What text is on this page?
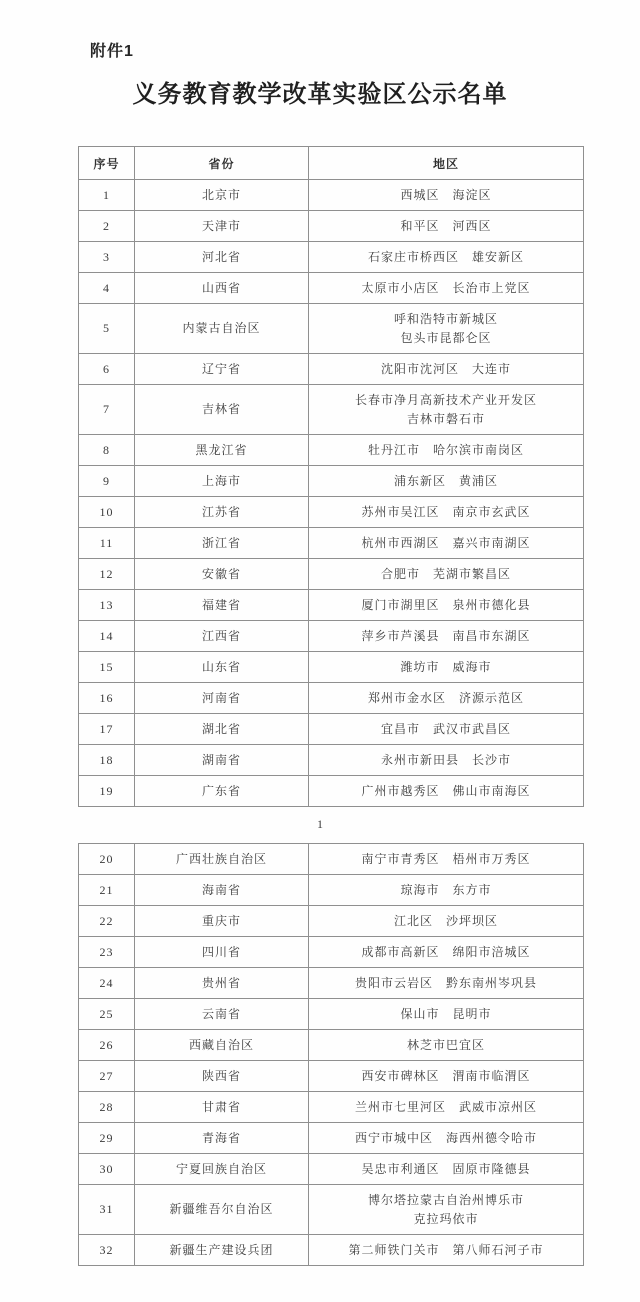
附件1
义务教育教学改革实验区公示名单
序号	省份	地区

1	北京市	西城区　海淀区

2	天津市	和平区　河西区

3	河北省	石家庄市桥西区　雄安新区

4	山西省	太原市小店区　长治市上党区

5	内蒙古自治区	呼和浩特市新城区
包头市昆都仑区

6	辽宁省	沈阳市沈河区　大连市

7	吉林省	长春市净月高新技术产业开发区
吉林市磐石市

8	黑龙江省	牡丹江市　哈尔滨市南岗区

9	上海市	浦东新区　黄浦区

10	江苏省	苏州市吴江区　南京市玄武区

11	浙江省	杭州市西湖区　嘉兴市南湖区

12	安徽省	合肥市　芜湖市繁昌区

13	福建省	厦门市湖里区　泉州市德化县

14	江西省	萍乡市芦溪县　南昌市东湖区

15	山东省	潍坊市　威海市

16	河南省	郑州市金水区　济源示范区

17	湖北省	宜昌市　武汉市武昌区

18	湖南省	永州市新田县　长沙市

19	广东省	广州市越秀区　佛山市南海区
1
20	广西壮族自治区	南宁市青秀区　梧州市万秀区

21	海南省	琼海市　东方市

22	重庆市	江北区　沙坪坝区

23	四川省	成都市高新区　绵阳市涪城区

24	贵州省	贵阳市云岩区　黔东南州岑巩县

25	云南省	保山市　昆明市

26	西藏自治区	林芝市巴宜区

27	陕西省	西安市碑林区　渭南市临渭区

28	甘肃省	兰州市七里河区　武威市凉州区

29	青海省	西宁市城中区　海西州德令哈市

30	宁夏回族自治区	吴忠市利通区　固原市隆德县

31	新疆维吾尔自治区	博尔塔拉蒙古自治州博乐市
克拉玛依市

32	新疆生产建设兵团	第二师铁门关市　第八师石河子市
